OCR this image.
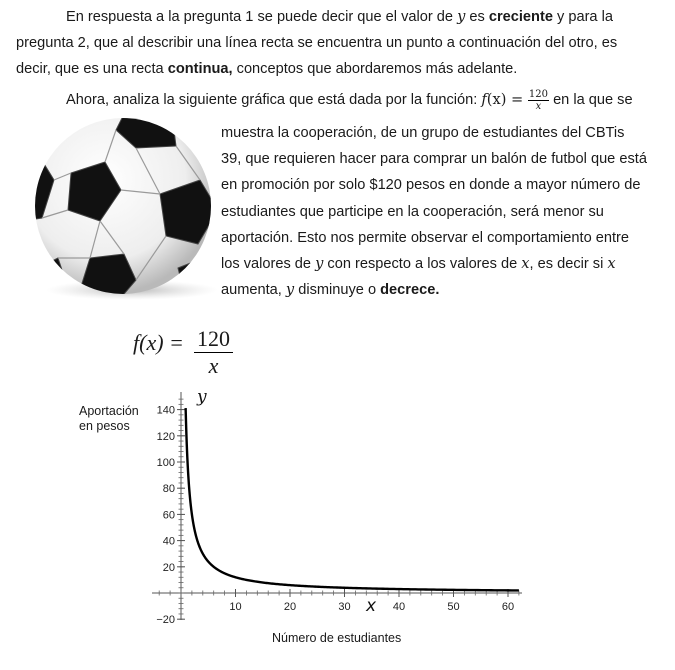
En respuesta a la pregunta 1 se puede decir que el valor de y es creciente y para la
pregunta 2, que al describir una línea recta se encuentra un punto a continuación del otro, es
decir, que es una recta continua, conceptos que abordaremos más adelante.
Ahora, analiza la siguiente gráfica que está dada por la función: $f(x) = \frac{120}{x}$ en la que se
muestra la cooperación, de un grupo de estudiantes del CBTis
39, que requieren hacer para comprar un balón de futbol que está
en promoción por solo $120 pesos en donde a mayor número de
estudiantes que participe en la cooperación, será menor su
aportación. Esto nos permite observar el comportamiento entre
los valores de y con respecto a los valores de x, es decir si x
aumenta, y disminuye o decrece.
$f(x) = \frac{120}{x}$
Aportación en pesos
Número de estudiantes
10	20	30	40	50	60
−20
20
40
60
80
100
120
140
y
x
